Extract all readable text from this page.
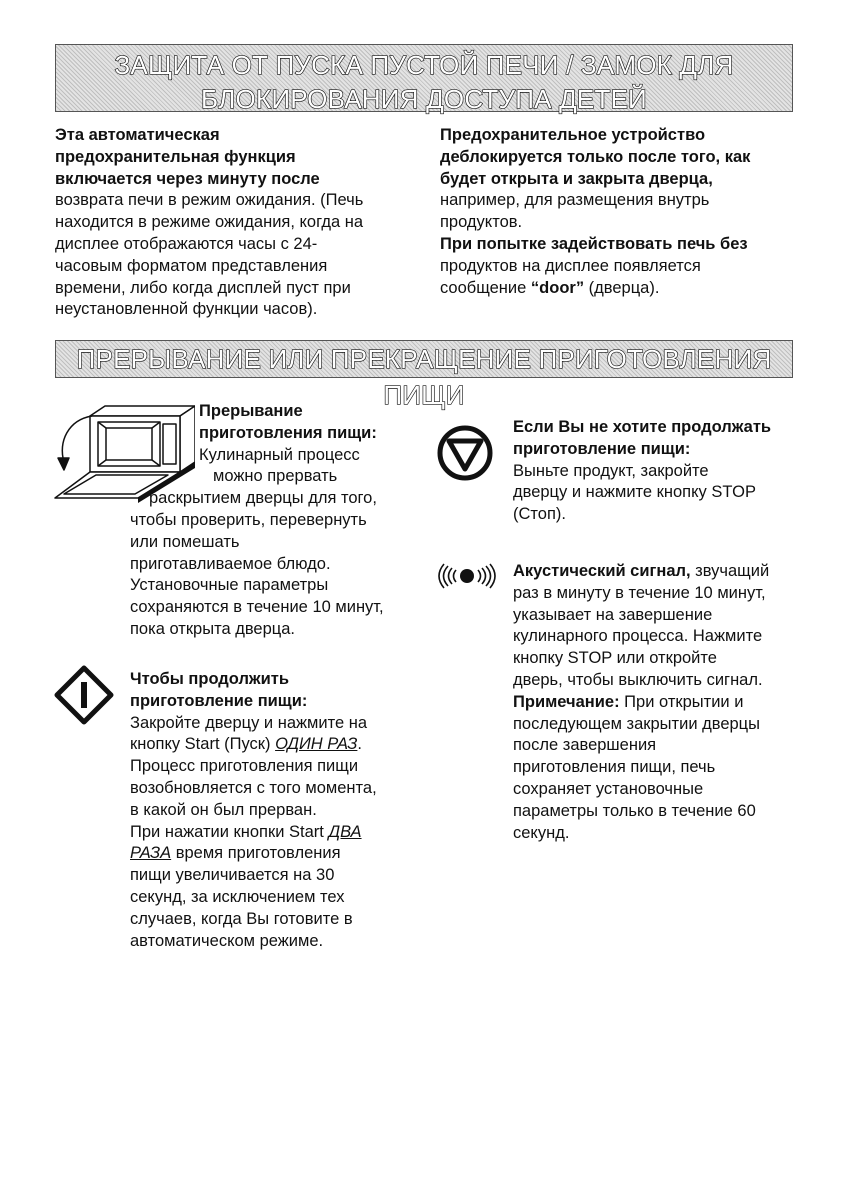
ЗАЩИТА ОТ ПУСКА ПУСТОЙ ПЕЧИ / ЗАМОК ДЛЯ
БЛОКИРОВАНИЯ ДОСТУПА ДЕТЕЙ

Эта автоматическая

предохранительная функция

включается через минуту после

возврата печи в режим ожидания. (Печь

находится в режиме ожидания, когда на

дисплее отображаются часы с 24-

часовым форматом представления

времени, либо когда дисплей пуст при

неустановленной функции часов).

Предохранительное устройство

деблокируется только после того, как

будет открыта и закрыта дверца,

например, для размещения внутрь

продуктов.

При попытке задействовать печь без

продуктов на дисплее появляется

сообщение “door” (дверца).

ПРЕРЫВАНИЕ ИЛИ ПРЕКРАЩЕНИЕ ПРИГОТОВЛЕНИЯ ПИЩИ

Прерывание

приготовления пищи:

Кулинарный процесс

можно прервать

раскрытием дверцы для того,

чтобы проверить, перевернуть

или помешать

приготавливаемое блюдо.

Установочные параметры

сохраняются в течение 10 минут,

пока открыта дверца.

Чтобы продолжить

приготовление пищи:

Закройте дверцу и нажмите на

кнопку Start (Пуск) ОДИН РАЗ.

Процесс приготовления пищи

возобновляется с того момента,

в какой он был прерван.

При нажатии кнопки Start ДВА

РАЗА время приготовления

пищи увеличивается на 30

секунд, за исключением тех

случаев, когда Вы готовите в

автоматическом режиме.

Если Вы не хотите продолжать

приготовление пищи:

Выньте продукт, закройте

дверцу и нажмите кнопку STOP

(Стоп).

Акустический сигнал, звучащий

раз в минуту в течение 10 минут,

указывает на завершение

кулинарного процесса. Нажмите

кнопку STOP или откройте

дверь, чтобы выключить сигнал.

Примечание: При открытии и

последующем закрытии дверцы

после завершения

приготовления пищи, печь

сохраняет установочные

параметры только в течение 60

секунд.
